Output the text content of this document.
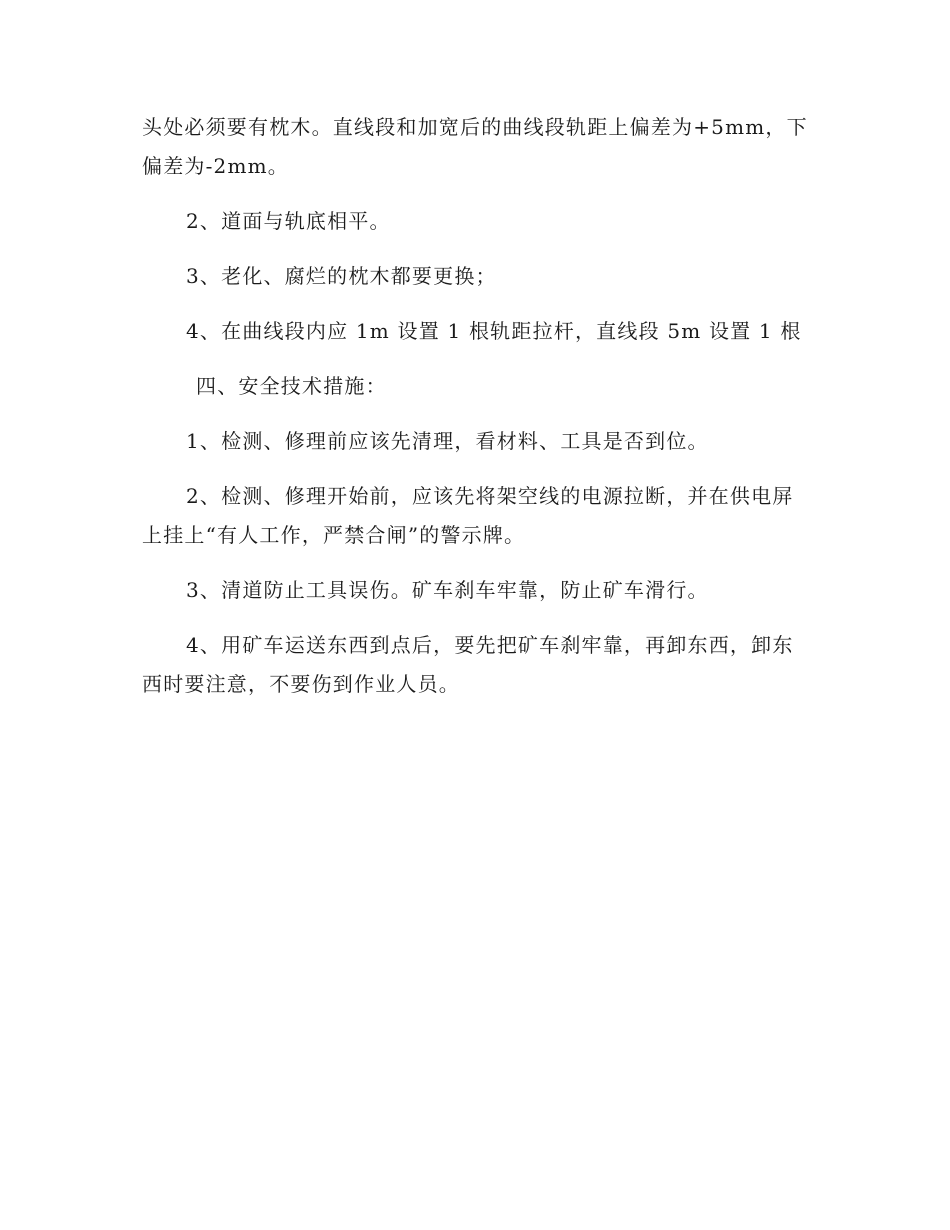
头处必须要有枕木。直线段和加宽后的曲线段轨距上偏差为+5mm，下偏差为-2mm。

2、道面与轨底相平。

3、老化、腐烂的枕木都要更换；

4、在曲线段内应 1m 设置 1 根轨距拉杆，直线段 5m 设置 1 根

四、安全技术措施：

1、检测、修理前应该先清理，看材料、工具是否到位。

2、检测、修理开始前，应该先将架空线的电源拉断，并在供电屏上挂上“有人工作，严禁合闸”的警示牌。

3、清道防止工具误伤。矿车刹车牢靠，防止矿车滑行。

4、用矿车运送东西到点后，要先把矿车刹牢靠，再卸东西，卸东西时要注意，不要伤到作业人员。
